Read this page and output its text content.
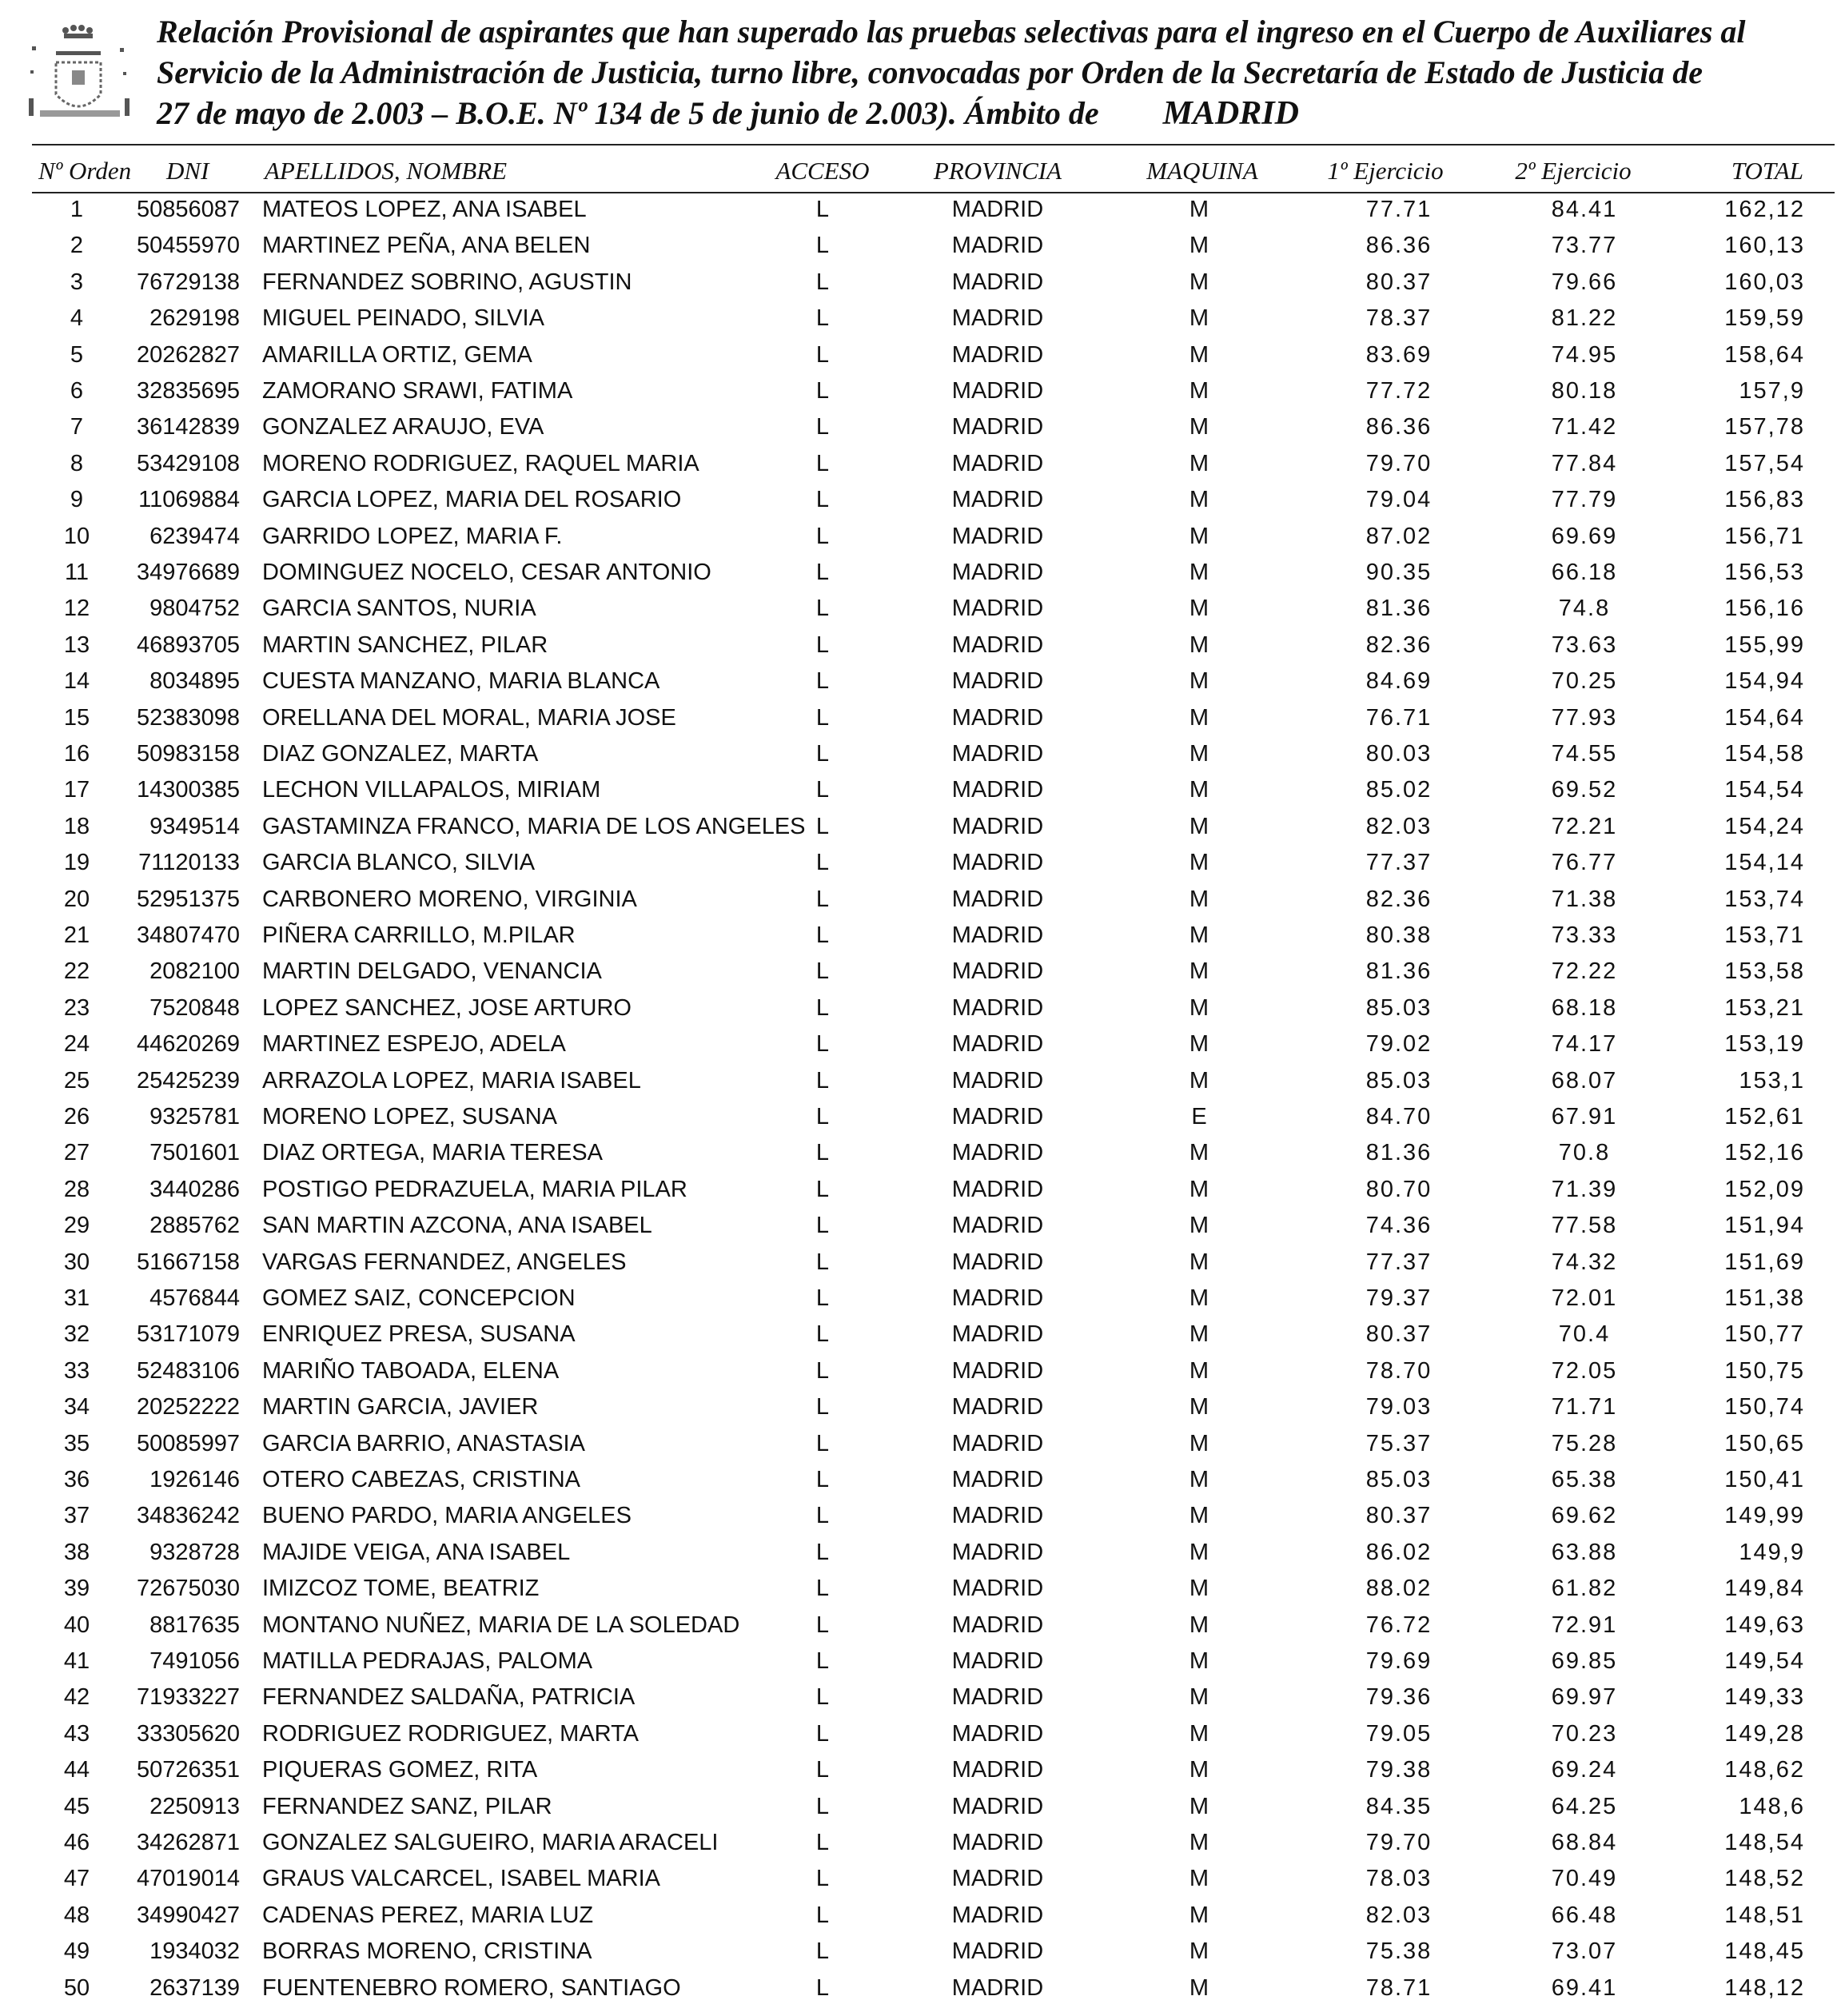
Relación Provisional de aspirantes que han superado las pruebas selectivas para el ingreso en el Cuerpo de Auxiliares al
Servicio de la Administración de Justicia, turno libre, convocadas por Orden de la Secretaría de Estado de Justicia de
27 de mayo de 2.003 – B.O.E. Nº 134 de 5 de junio de 2.003). Ámbito de MADRID
Nº Orden DNI APELLIDOS, NOMBRE	ACCESO	PROVINCIA	MAQUINA	1º Ejercicio	2º Ejercicio	TOTAL
1	50856087 MATEOS LOPEZ, ANA ISABEL	L	MADRID	M	77.71	84.41	162,12
2	50455970 MARTINEZ PEÑA, ANA BELEN	L	MADRID	M	86.36	73.77	160,13
3	76729138 FERNANDEZ SOBRINO, AGUSTIN	L	MADRID	M	80.37	79.66	160,03
4	2629198 MIGUEL PEINADO, SILVIA	L	MADRID	M	78.37	81.22	159,59
5	20262827 AMARILLA ORTIZ, GEMA	L	MADRID	M	83.69	74.95	158,64
6	32835695 ZAMORANO SRAWI, FATIMA	L	MADRID	M	77.72	80.18	157,9
7	36142839 GONZALEZ ARAUJO, EVA	L	MADRID	M	86.36	71.42	157,78
8	53429108 MORENO RODRIGUEZ, RAQUEL MARIA	L	MADRID	M	79.70	77.84	157,54
9	11069884 GARCIA LOPEZ, MARIA DEL ROSARIO	L	MADRID	M	79.04	77.79	156,83
10	6239474 GARRIDO LOPEZ, MARIA F.	L	MADRID	M	87.02	69.69	156,71
11	34976689 DOMINGUEZ NOCELO, CESAR ANTONIO	L	MADRID	M	90.35	66.18	156,53
12	9804752 GARCIA SANTOS, NURIA	L	MADRID	M	81.36	74.8	156,16
13	46893705 MARTIN SANCHEZ, PILAR	L	MADRID	M	82.36	73.63	155,99
14	8034895 CUESTA MANZANO, MARIA BLANCA	L	MADRID	M	84.69	70.25	154,94
15	52383098 ORELLANA DEL MORAL, MARIA JOSE	L	MADRID	M	76.71	77.93	154,64
16	50983158 DIAZ GONZALEZ, MARTA	L	MADRID	M	80.03	74.55	154,58
17	14300385 LECHON VILLAPALOS, MIRIAM	L	MADRID	M	85.02	69.52	154,54
18	9349514 GASTAMINZA FRANCO, MARIA DE LOS ANGELES L	MADRID	M	82.03	72.21	154,24
19	71120133 GARCIA BLANCO, SILVIA	L	MADRID	M	77.37	76.77	154,14
20	52951375 CARBONERO MORENO, VIRGINIA	L	MADRID	M	82.36	71.38	153,74
21	34807470 PIÑERA CARRILLO, M.PILAR	L	MADRID	M	80.38	73.33	153,71
22	2082100 MARTIN DELGADO, VENANCIA	L	MADRID	M	81.36	72.22	153,58
23	7520848 LOPEZ SANCHEZ, JOSE ARTURO	L	MADRID	M	85.03	68.18	153,21
24	44620269 MARTINEZ ESPEJO, ADELA	L	MADRID	M	79.02	74.17	153,19
25	25425239 ARRAZOLA LOPEZ, MARIA ISABEL	L	MADRID	M	85.03	68.07	153,1
26	9325781 MORENO LOPEZ, SUSANA	L	MADRID	E	84.70	67.91	152,61
27	7501601 DIAZ ORTEGA, MARIA TERESA	L	MADRID	M	81.36	70.8	152,16
28	3440286 POSTIGO PEDRAZUELA, MARIA PILAR	L	MADRID	M	80.70	71.39	152,09
29	2885762 SAN MARTIN AZCONA, ANA ISABEL	L	MADRID	M	74.36	77.58	151,94
30	51667158 VARGAS FERNANDEZ, ANGELES	L	MADRID	M	77.37	74.32	151,69
31	4576844 GOMEZ SAIZ, CONCEPCION	L	MADRID	M	79.37	72.01	151,38
32	53171079 ENRIQUEZ PRESA, SUSANA	L	MADRID	M	80.37	70.4	150,77
33	52483106 MARIÑO TABOADA, ELENA	L	MADRID	M	78.70	72.05	150,75
34	20252222 MARTIN GARCIA, JAVIER	L	MADRID	M	79.03	71.71	150,74
35	50085997 GARCIA BARRIO, ANASTASIA	L	MADRID	M	75.37	75.28	150,65
36	1926146 OTERO CABEZAS, CRISTINA	L	MADRID	M	85.03	65.38	150,41
37	34836242 BUENO PARDO, MARIA ANGELES	L	MADRID	M	80.37	69.62	149,99
38	9328728 MAJIDE VEIGA, ANA ISABEL	L	MADRID	M	86.02	63.88	149,9
39	72675030 IMIZCOZ TOME, BEATRIZ	L	MADRID	M	88.02	61.82	149,84
40	8817635 MONTANO NUÑEZ, MARIA DE LA SOLEDAD	L	MADRID	M	76.72	72.91	149,63
41	7491056 MATILLA PEDRAJAS, PALOMA	L	MADRID	M	79.69	69.85	149,54
42	71933227 FERNANDEZ SALDAÑA, PATRICIA	L	MADRID	M	79.36	69.97	149,33
43	33305620 RODRIGUEZ RODRIGUEZ, MARTA	L	MADRID	M	79.05	70.23	149,28
44	50726351 PIQUERAS GOMEZ, RITA	L	MADRID	M	79.38	69.24	148,62
45	2250913 FERNANDEZ SANZ, PILAR	L	MADRID	M	84.35	64.25	148,6
46	34262871 GONZALEZ SALGUEIRO, MARIA ARACELI	L	MADRID	M	79.70	68.84	148,54
47	47019014 GRAUS VALCARCEL, ISABEL MARIA	L	MADRID	M	78.03	70.49	148,52
48	34990427 CADENAS PEREZ, MARIA LUZ	L	MADRID	M	82.03	66.48	148,51
49	1934032 BORRAS MORENO, CRISTINA	L	MADRID	M	75.38	73.07	148,45
50	2637139 FUENTENEBRO ROMERO, SANTIAGO	L	MADRID	M	78.71	69.41	148,12
